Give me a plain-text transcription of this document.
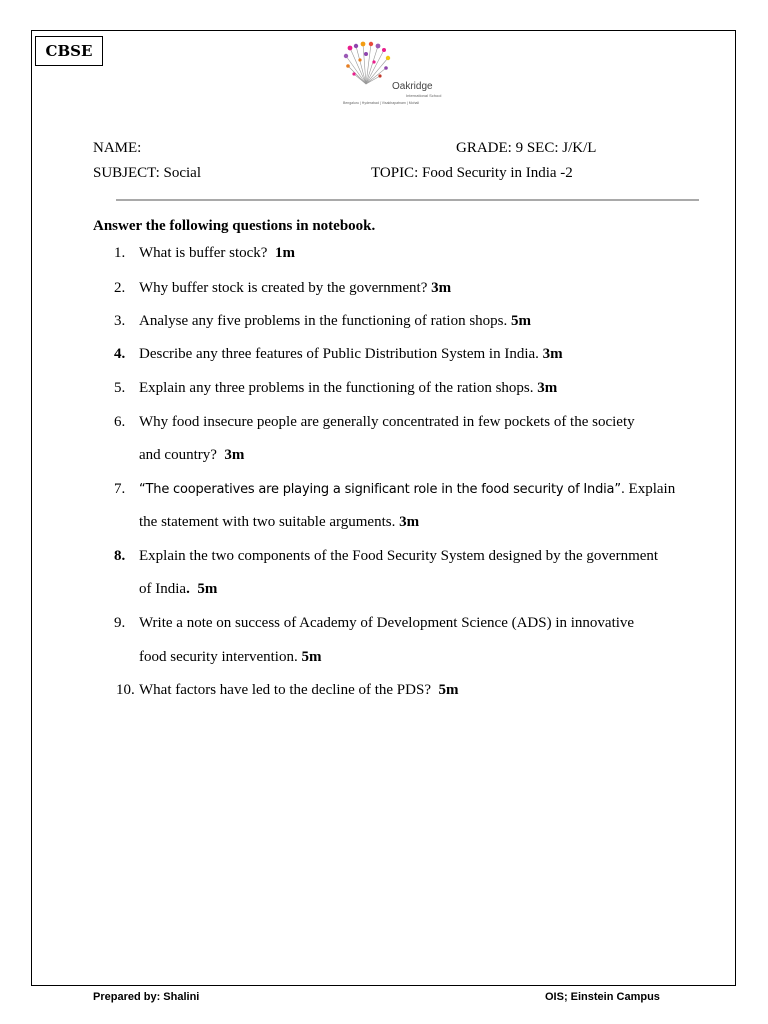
CBSE
Oakridge
International School
Bengaluru | Hyderabad | Visakhapatnam | Mohali
NAME:	GRADE: 9 SEC: J/K/L
SUBJECT: Social	TOPIC: Food Security in India -2
Answer the following questions in notebook.
1. What is buffer stock? 1m
2. Why buffer stock is created by the government? 3m
3. Analyse any five problems in the functioning of ration shops. 5m
4. Describe any three features of Public Distribution System in India. 3m
5. Explain any three problems in the functioning of the ration shops. 3m
6. Why food insecure people are generally concentrated in few pockets of the society
and country? 3m
7. “The cooperatives are playing a significant role in the food security of India”. Explain
the statement with two suitable arguments. 3m
8. Explain the two components of the Food Security System designed by the government
of India. 5m
9. Write a note on success of Academy of Development Science (ADS) in innovative
food security intervention. 5m
10. What factors have led to the decline of the PDS? 5m
Prepared by: Shalini	OIS; Einstein Campus
